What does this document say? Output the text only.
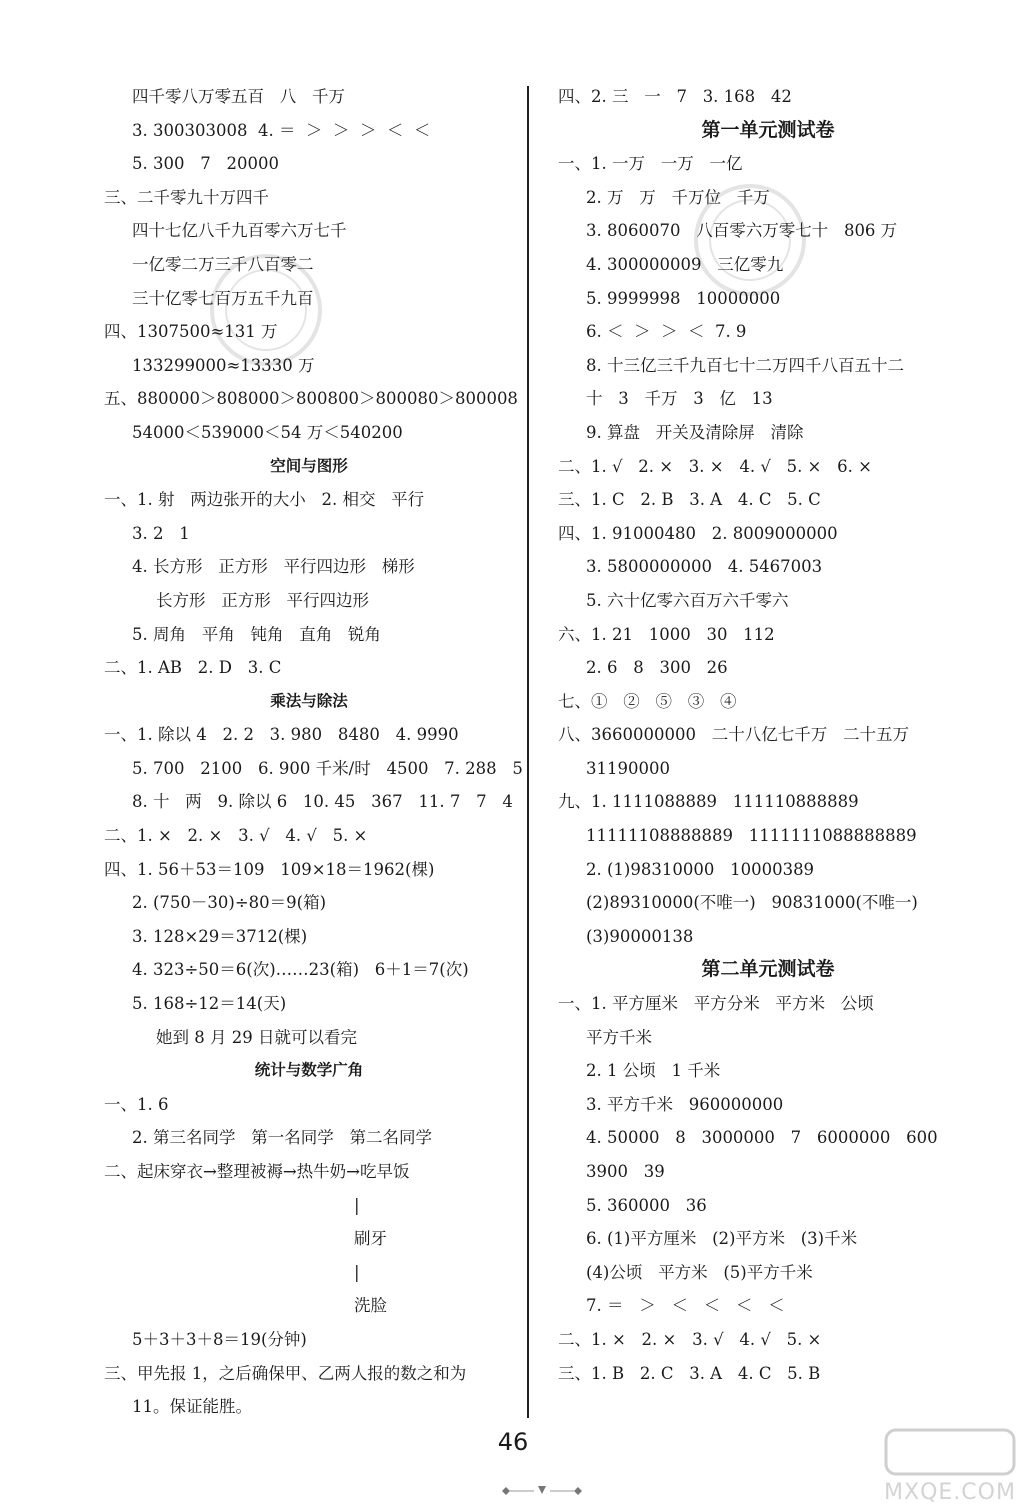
四千零八万零五百   八   千万
3. 300303008  4. ＝  ＞  ＞  ＞  ＜  ＜
5. 300   7   20000
三、二千零九十万四千
四十七亿八千九百零六万七千
一亿零二万三千八百零二
三十亿零七百万五千九百
四、1307500≈131 万
133299000≈13330 万
五、880000＞808000＞800800＞800080＞800008
54000＜539000＜54 万＜540200
空间与图形
一、1. 射   两边张开的大小   2. 相交   平行
3. 2   1
4. 长方形   正方形   平行四边形   梯形
长方形   正方形   平行四边形
5. 周角   平角   钝角   直角   锐角
二、1. AB   2. D   3. C
乘法与除法
一、1. 除以 4   2. 2   3. 980   8480   4. 9990
5. 700   2100   6. 900 千米/时   4500   7. 288   5
8. 十   两   9. 除以 6   10. 45   367   11. 7   7   4
二、1. ×   2. ×   3. √   4. √   5. ×
四、1. 56＋53＝109   109×18＝1962(棵)
2. (750－30)÷80＝9(箱)
3. 128×29＝3712(棵)
4. 323÷50＝6(次)……23(箱)   6＋1＝7(次)
5. 168÷12＝14(天)
她到 8 月 29 日就可以看完
统计与数学广角
一、1. 6
2. 第三名同学   第一名同学   第二名同学
二、起床穿衣→整理被褥→热牛奶→吃早饭
|
刷牙
|
洗脸
5＋3＋3＋8＝19(分钟)
三、甲先报 1，之后确保甲、乙两人报的数之和为
11。保证能胜。
四、2. 三   一   7   3. 168   42
第一单元测试卷
一、1. 一万   一万   一亿
2. 万   万   千万位   千万
3. 8060070   八百零六万零七十   806 万
4. 300000009   三亿零九
5. 9999998   10000000
6. ＜  ＞  ＞  ＜  7. 9
8. 十三亿三千九百七十二万四千八百五十二
十   3   千万   3   亿   13
9. 算盘   开关及清除屏   清除
二、1. √   2. ×   3. ×   4. √   5. ×   6. ×
三、1. C   2. B   3. A   4. C   5. C
四、1. 91000480   2. 8009000000
3. 5800000000   4. 5467003
5. 六十亿零六百万六千零六
六、1. 21   1000   30   112
2. 6   8   300   26
七、①   ②   ⑤   ③   ④
八、3660000000   二十八亿七千万   二十五万
31190000
九、1. 1111088889   111110888889
11111108888889   1111111088888889
2. (1)98310000   10000389
(2)89310000(不唯一)   90831000(不唯一)
(3)90000138
第二单元测试卷
一、1. 平方厘米   平方分米   平方米   公顷
平方千米
2. 1 公顷   1 千米
3. 平方千米   960000000
4. 50000   8   3000000   7   6000000   600
3900   39
5. 360000   36
6. (1)平方厘米   (2)平方米   (3)千米
(4)公顷   平方米   (5)平方千米
7. ＝   ＞   ＜   ＜   ＜   ＜
二、1. ×   2. ×   3. √   4. √   5. ×
三、1. B   2. C   3. A   4. C   5. B
46
MXQE.COM
